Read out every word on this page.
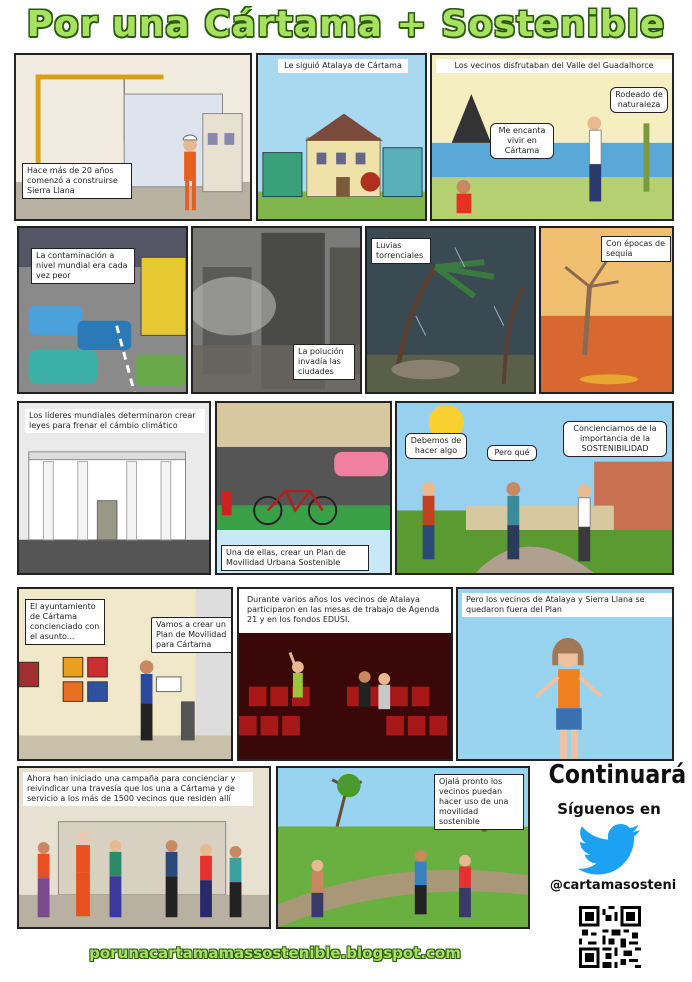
Por una Cártama + Sostenible
Hace más de 20 años comenzó a construirse Sierra Llana
Le siguió Atalaya de Cártama	Los vecinos disfrutaban del Valle del Guadalhorce
Rodeado de naturaleza
Me encanta vivir en Cártama
La contaminación a nivel mundial era cada vez peor
La polución invadía las ciudades
Luvias torrenciales
Con épocas de sequía
Los líderes mundiales determinaron crear leyes para frenar el cámbio climático
Una de ellas, crear un Plan de Movilidad Urbana Sostenible
Debemos de hacer algo	Pero qué
Concienciarnos de la importancia de la SOSTENIBILIDAD
El ayuntamiento de Cártama concienciado con el asunto...
Vamos a crear un Plan de Movilidad para Cártama
Durante varios años los vecinos de Atalaya participaron en las mesas de trabajo de Agenda 21 y en los fondos EDUSI.
Pero los vecinos de Atalaya y Sierra Llana se quedaron fuera del Plan
Ahora han iniciado una campaña para concienciar y reivindicar una travesía que los una a Cártama y de servicio a los más de 1500 vecinos que residen allí
Ojalá pronto los vecinos puedan hacer uso de una movilidad sostenible
Continuará
Síguenos en
@cartamasosteni
porunacartamamassostenible.blogspot.com
